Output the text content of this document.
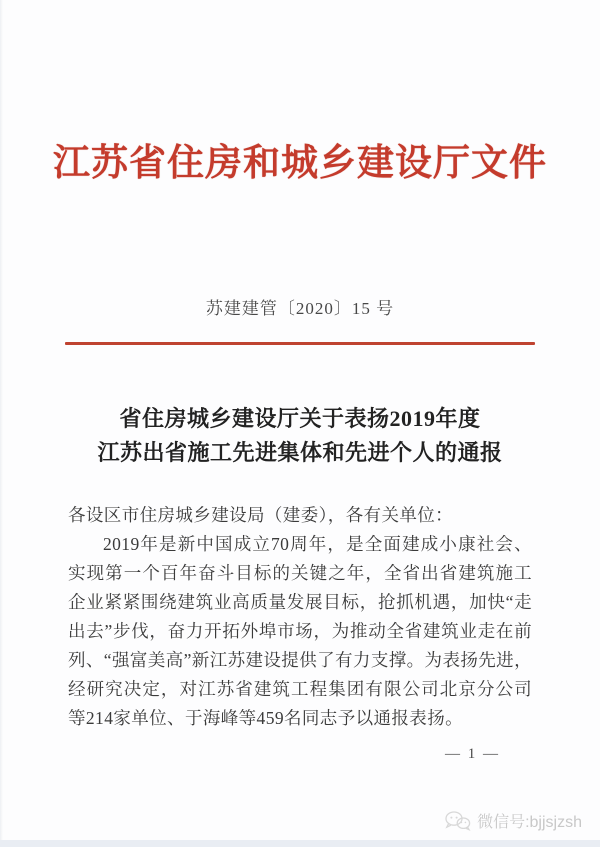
江苏省住房和城乡建设厅文件
苏建建管〔2020〕15 号
省住房城乡建设厅关于表扬2019年度
江苏出省施工先进集体和先进个人的通报

各设区市住房城乡建设局（建委），各有关单位：

2019年是新中国成立70周年，是全面建成小康社会、实现第一个百年奋斗目标的关键之年，全省出省建筑施工企业紧紧围绕建筑业高质量发展目标，抢抓机遇，加快“走出去”步伐，奋力开拓外埠市场，为推动全省建筑业走在前列、“强富美高”新江苏建设提供了有力支撑。为表扬先进，经研究决定，对江苏省建筑工程集团有限公司北京分公司等214家单位、于海峰等459名同志予以通报表扬。

— 1 —
微信号:bjjsjzsh
